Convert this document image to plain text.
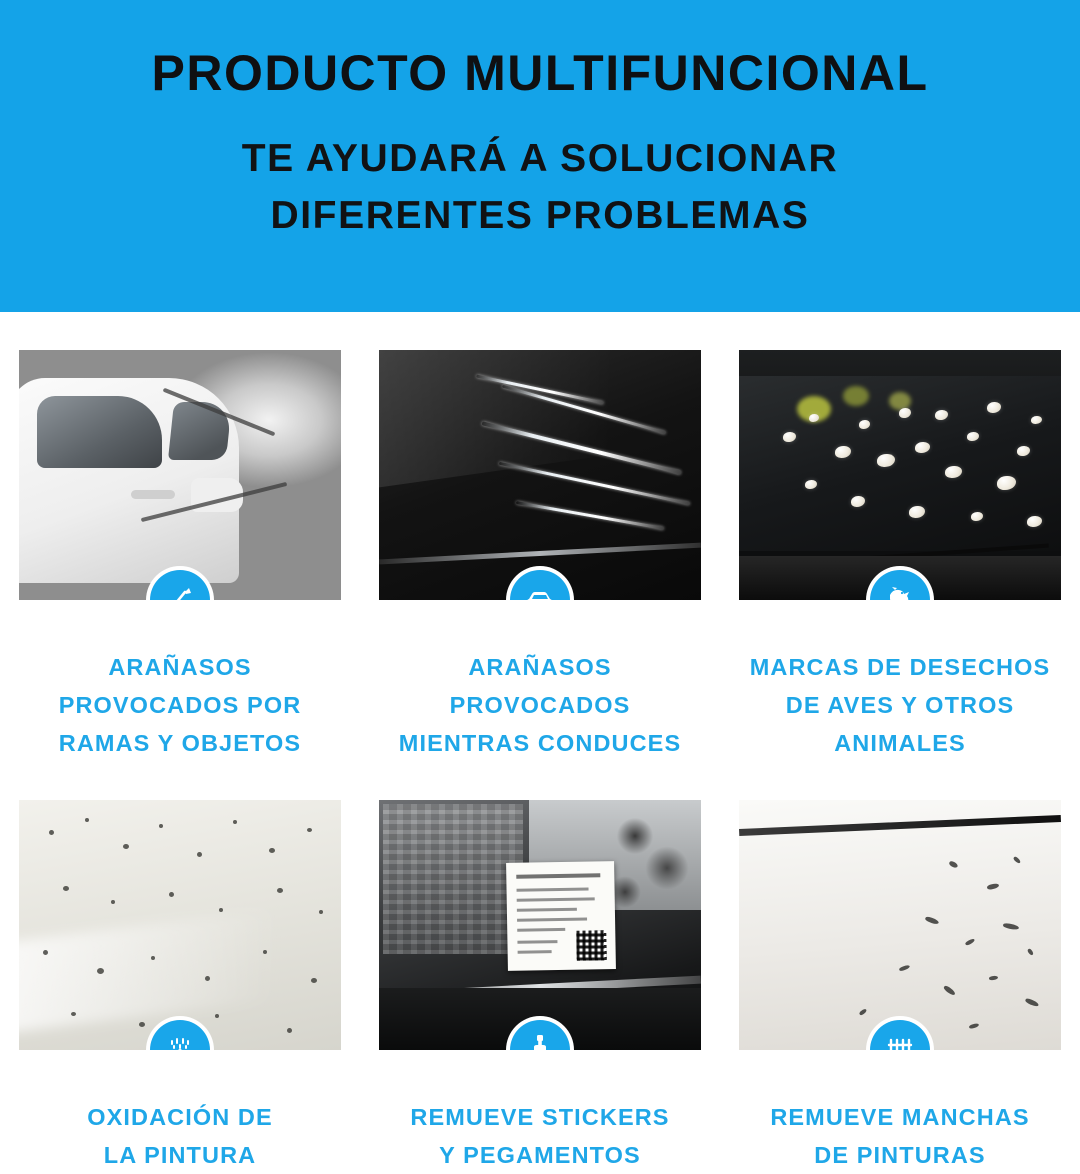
PRODUCTO MULTIFUNCIONAL
TE AYUDARÁ A SOLUCIONAR
DIFERENTES PROBLEMAS
ARAÑASOS
PROVOCADOS POR
RAMAS Y OBJETOS
ARAÑASOS
PROVOCADOS
MIENTRAS CONDUCES
MARCAS DE DESECHOS
DE AVES Y OTROS
ANIMALES
OXIDACIÓN DE
LA PINTURA
REMUEVE STICKERS
Y PEGAMENTOS
REMUEVE MANCHAS
DE PINTURAS
